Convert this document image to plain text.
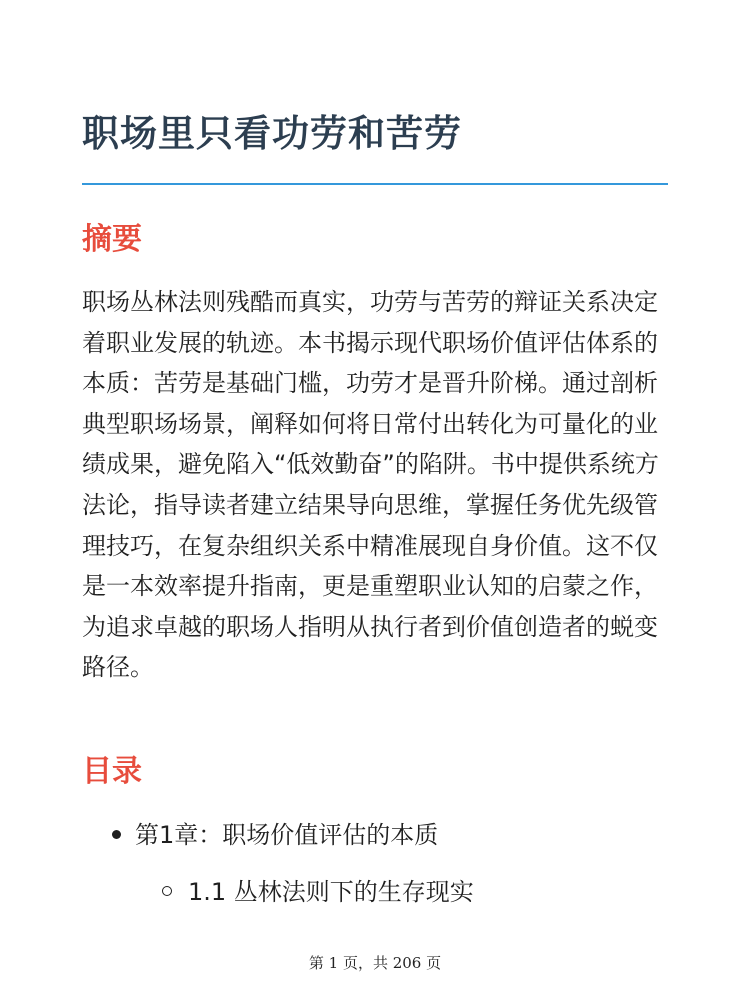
职场里只看功劳和苦劳
摘要

职场丛林法则残酷而真实，功劳与苦劳的辩证关系决定着职业发展的轨迹。本书揭示现代职场价值评估体系的本质：苦劳是基础门槛，功劳才是晋升阶梯。通过剖析典型职场场景，阐释如何将日常付出转化为可量化的业绩成果，避免陷入“低效勤奋”的陷阱。书中提供系统方法论，指导读者建立结果导向思维，掌握任务优先级管理技巧，在复杂组织关系中精准展现自身价值。这不仅是一本效率提升指南，更是重塑职业认知的启蒙之作，为追求卓越的职场人指明从执行者到价值创造者的蜕变路径。

目录
第1章：职场价值评估的本质
1.1 丛林法则下的生存现实
第 1 页，共 206 页
